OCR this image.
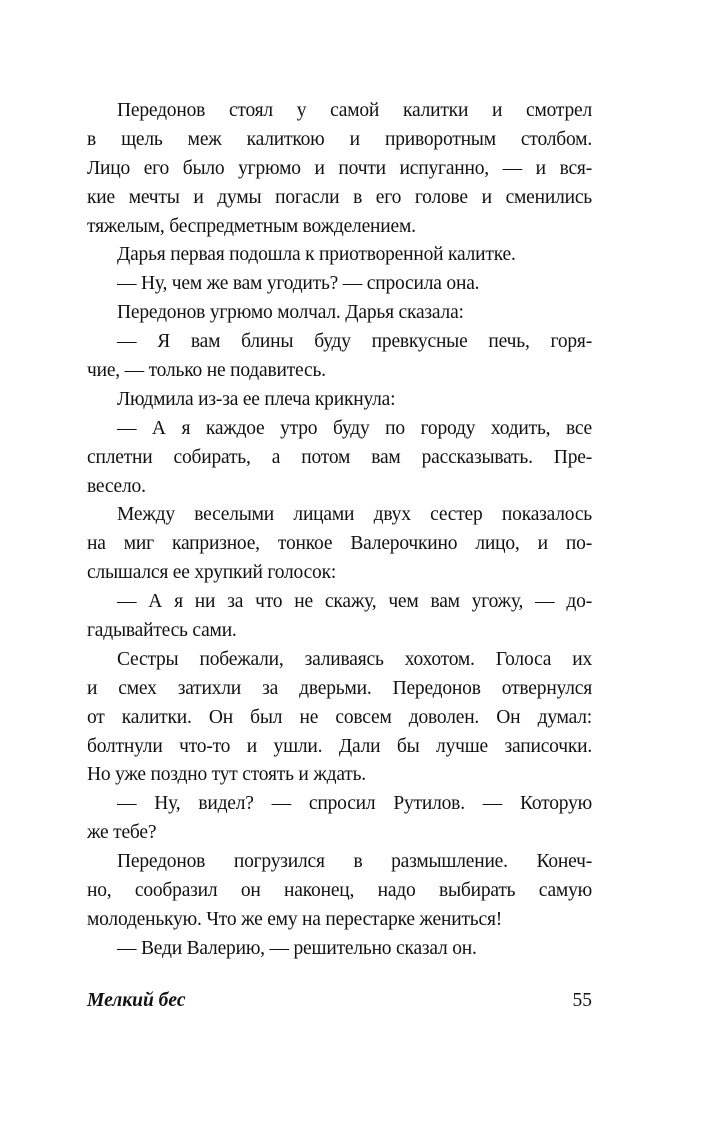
Передонов стоял у самой калитки и смотрел
в щель меж калиткою и приворотным столбом.
Лицо его было угрюмо и почти испуганно, — и вся-
кие мечты и думы погасли в его голове и сменились
тяжелым, беспредметным вожделением.
Дарья первая подошла к приотворенной калитке.
— Ну, чем же вам угодить? — спросила она.
Передонов угрюмо молчал. Дарья сказала:
— Я вам блины буду превкусные печь, горя-
чие, — только не подавитесь.
Людмила из-за ее плеча крикнула:
— А я каждое утро буду по городу ходить, все
сплетни собирать, а потом вам рассказывать. Пре-
весело.
Между веселыми лицами двух сестер показалось
на миг капризное, тонкое Валерочкино лицо, и по-
слышался ее хрупкий голосок:
— А я ни за что не скажу, чем вам угожу, — до-
гадывайтесь сами.
Сестры побежали, заливаясь хохотом. Голоса их
и смех затихли за дверьми. Передонов отвернулся
от калитки. Он был не совсем доволен. Он думал:
болтнули что-то и ушли. Дали бы лучше записочки.
Но уже поздно тут стоять и ждать.
— Ну, видел? — спросил Рутилов. — Которую
же тебе?
Передонов погрузился в размышление. Конеч-
но, сообразил он наконец, надо выбирать самую
молоденькую. Что же ему на перестарке жениться!
— Веди Валерию, — решительно сказал он.
Мелкий бес	55
